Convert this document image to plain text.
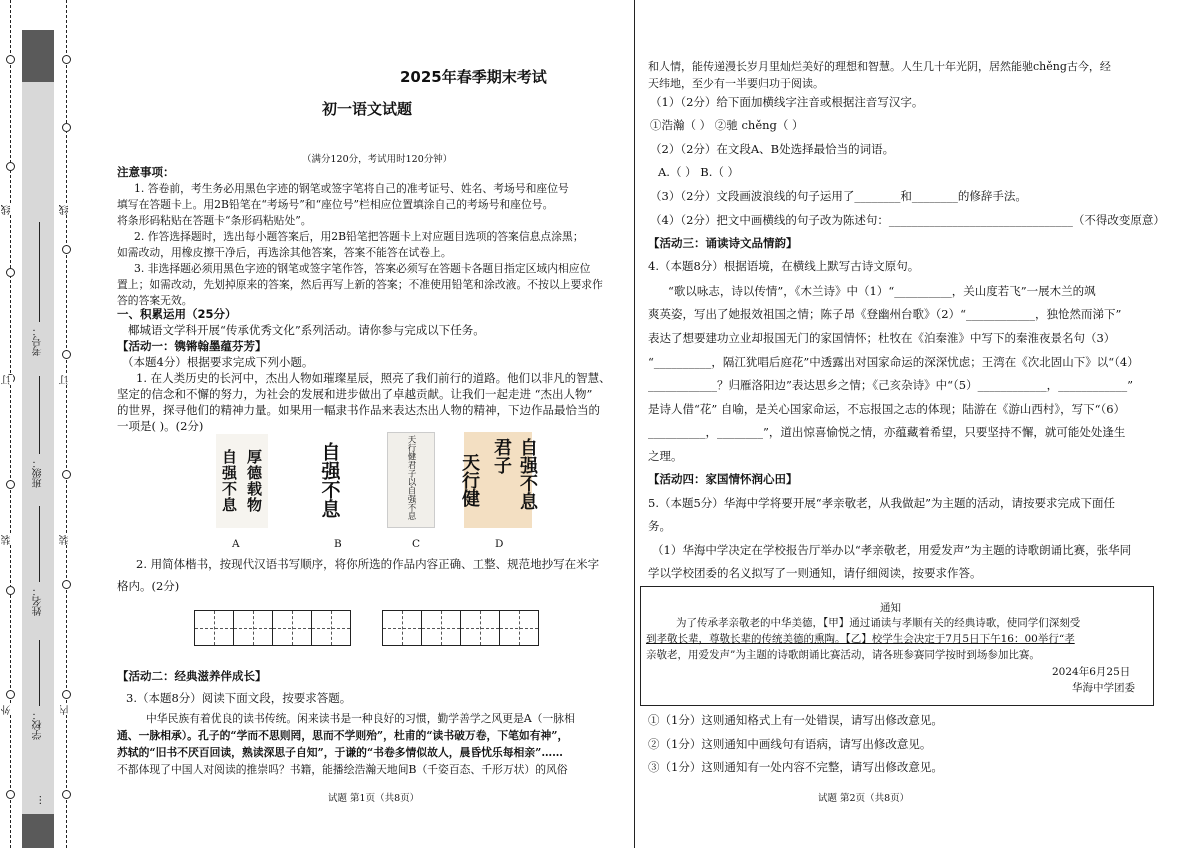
线
订
装
外
线
订
装
内
考号：
班级：
姓名：
学校：
…
2025年春季期末考试
初一语文试题
（满分120分，考试用时120分钟）
注意事项：
1. 答卷前，考生务必用黑色字迹的钢笔或签字笔将自己的准考证号、姓名、考场号和座位号
填写在答题卡上。用2B铅笔在“考场号”和“座位号”栏相应位置填涂自己的考场号和座位号。
将条形码粘贴在答题卡“条形码粘贴处”。
2. 作答选择题时，选出每小题答案后，用2B铅笔把答题卡上对应题目选项的答案信息点涂黑；
如需改动，用橡皮擦干净后，再选涂其他答案，答案不能答在试卷上。
3. 非选择题必须用黑色字迹的钢笔或签字笔作答，答案必须写在答题卡各题目指定区域内相应位
置上；如需改动，先划掉原来的答案，然后再写上新的答案；不准使用铅笔和涂改液。不按以上要求作
答的答案无效。
一、积累运用（25分）
椰城语文学科开展“传承优秀文化”系列活动。请你参与完成以下任务。
【活动一：镌锵翰墨蕴芬芳】
（本题4分）根据要求完成下列小题。
1. 在人类历史的长河中，杰出人物如璀璨星辰，照亮了我们前行的道路。他们以非凡的智慧、
坚定的信念和不懈的努力，为社会的发展和进步做出了卓越贡献。让我们一起走进 “杰出人物”
的世界，探寻他们的精神力量。如果用一幅隶书作品来表达杰出人物的精神，下边作品最恰当的
一项是( )。(2分)
自强不息 厚德载物	自强不息	天行健君子以自强不息 天行健	自强不息君子
A	B	C	D
2. 用简体楷书，按现代汉语书写顺序，将你所选的作品内容正确、工整、规范地抄写在米字
格内。(2分)
【活动二：经典滋养伴成长】
3.（本题8分）阅读下面文段，按要求答题。
中华民族有着优良的读书传统。闲来读书是一种良好的习惯，勤学善学之风更是A（一脉相
通、一脉相承）。孔子的“学而不思则罔，思而不学则殆”，杜甫的“读书破万卷，下笔如有神”，
苏轼的“旧书不厌百回读，熟读深思子自知”，于谦的“书卷多情似故人，晨昏忧乐每相亲”……
不都体现了中国人对阅读的推崇吗？书籍，能播绘浩瀚天地间B（千姿百态、千形万状）的风俗
试题 第1页（共8页）
和人情，能传递漫长岁月里灿烂美好的理想和智慧。人生几十年光阴，居然能驰chěng古今，经
天纬地，至少有一半要归功于阅读。
（1）（2分）给下面加横线字注音或根据注音写汉字。
①浩瀚（ ） ②驰 chěng（ ）
（2）（2分）在文段A、B处选择最恰当的词语。
A.（ ） B.（ ）
（3）（2分）文段画波浪线的句子运用了________和________的修辞手法。
（4）（2分）把文中画横线的句子改为陈述句：________________________________（不得改变原意）
【活动三：诵读诗文品情韵】
4.（本题8分）根据语境，在横线上默写古诗文原句。
“歌以咏志，诗以传情”，《木兰诗》中（1）“__________，关山度若飞”一展木兰的飒
爽英姿，写出了她报效祖国之情；陈子昂《登幽州台歌》（2）“____________，独怆然而涕下”
表达了想要建功立业却报国无门的家国情怀；杜牧在《泊秦淮》中写下的秦淮夜景名句（3）
“__________，隔江犹唱后庭花”中透露出对国家命运的深深忧虑；王湾在《次北固山下》以“（4）
____________？归雁洛阳边”表达思乡之情；《己亥杂诗》中“（5）____________，____________”
是诗人借“花” 自喻，是关心国家命运，不忘报国之志的体现；陆游在《游山西村》，写下“（6）
__________，________”，道出惊喜愉悦之情，亦蕴藏着希望，只要坚持不懈，就可能处处逢生
之理。
【活动四：家国情怀润心田】
5.（本题5分）华海中学将要开展“孝亲敬老，从我做起”为主题的活动，请按要求完成下面任
务。
（1）华海中学决定在学校报告厅举办以“孝亲敬老，用爱发声”为主题的诗歌朗诵比赛，张华同
学以学校团委的名义拟写了一则通知，请仔细阅读，按要求作答。
通知
为了传承孝亲敬老的中华美德，【甲】通过诵读与孝顺有关的经典诗歌，使同学们深刻受
到孝敬长辈，尊敬长辈的传统美德的熏陶。【乙】校学生会决定于7月5日下午16：00举行“孝
亲敬老，用爱发声”为主题的诗歌朗诵比赛活动，请各班参赛同学按时到场参加比赛。
2024年6月25日
华海中学团委
①（1分）这则通知格式上有一处错误，请写出修改意见。
②（1分）这则通知中画线句有语病，请写出修改意见。
③（1分）这则通知有一处内容不完整，请写出修改意见。
试题 第2页（共8页）
